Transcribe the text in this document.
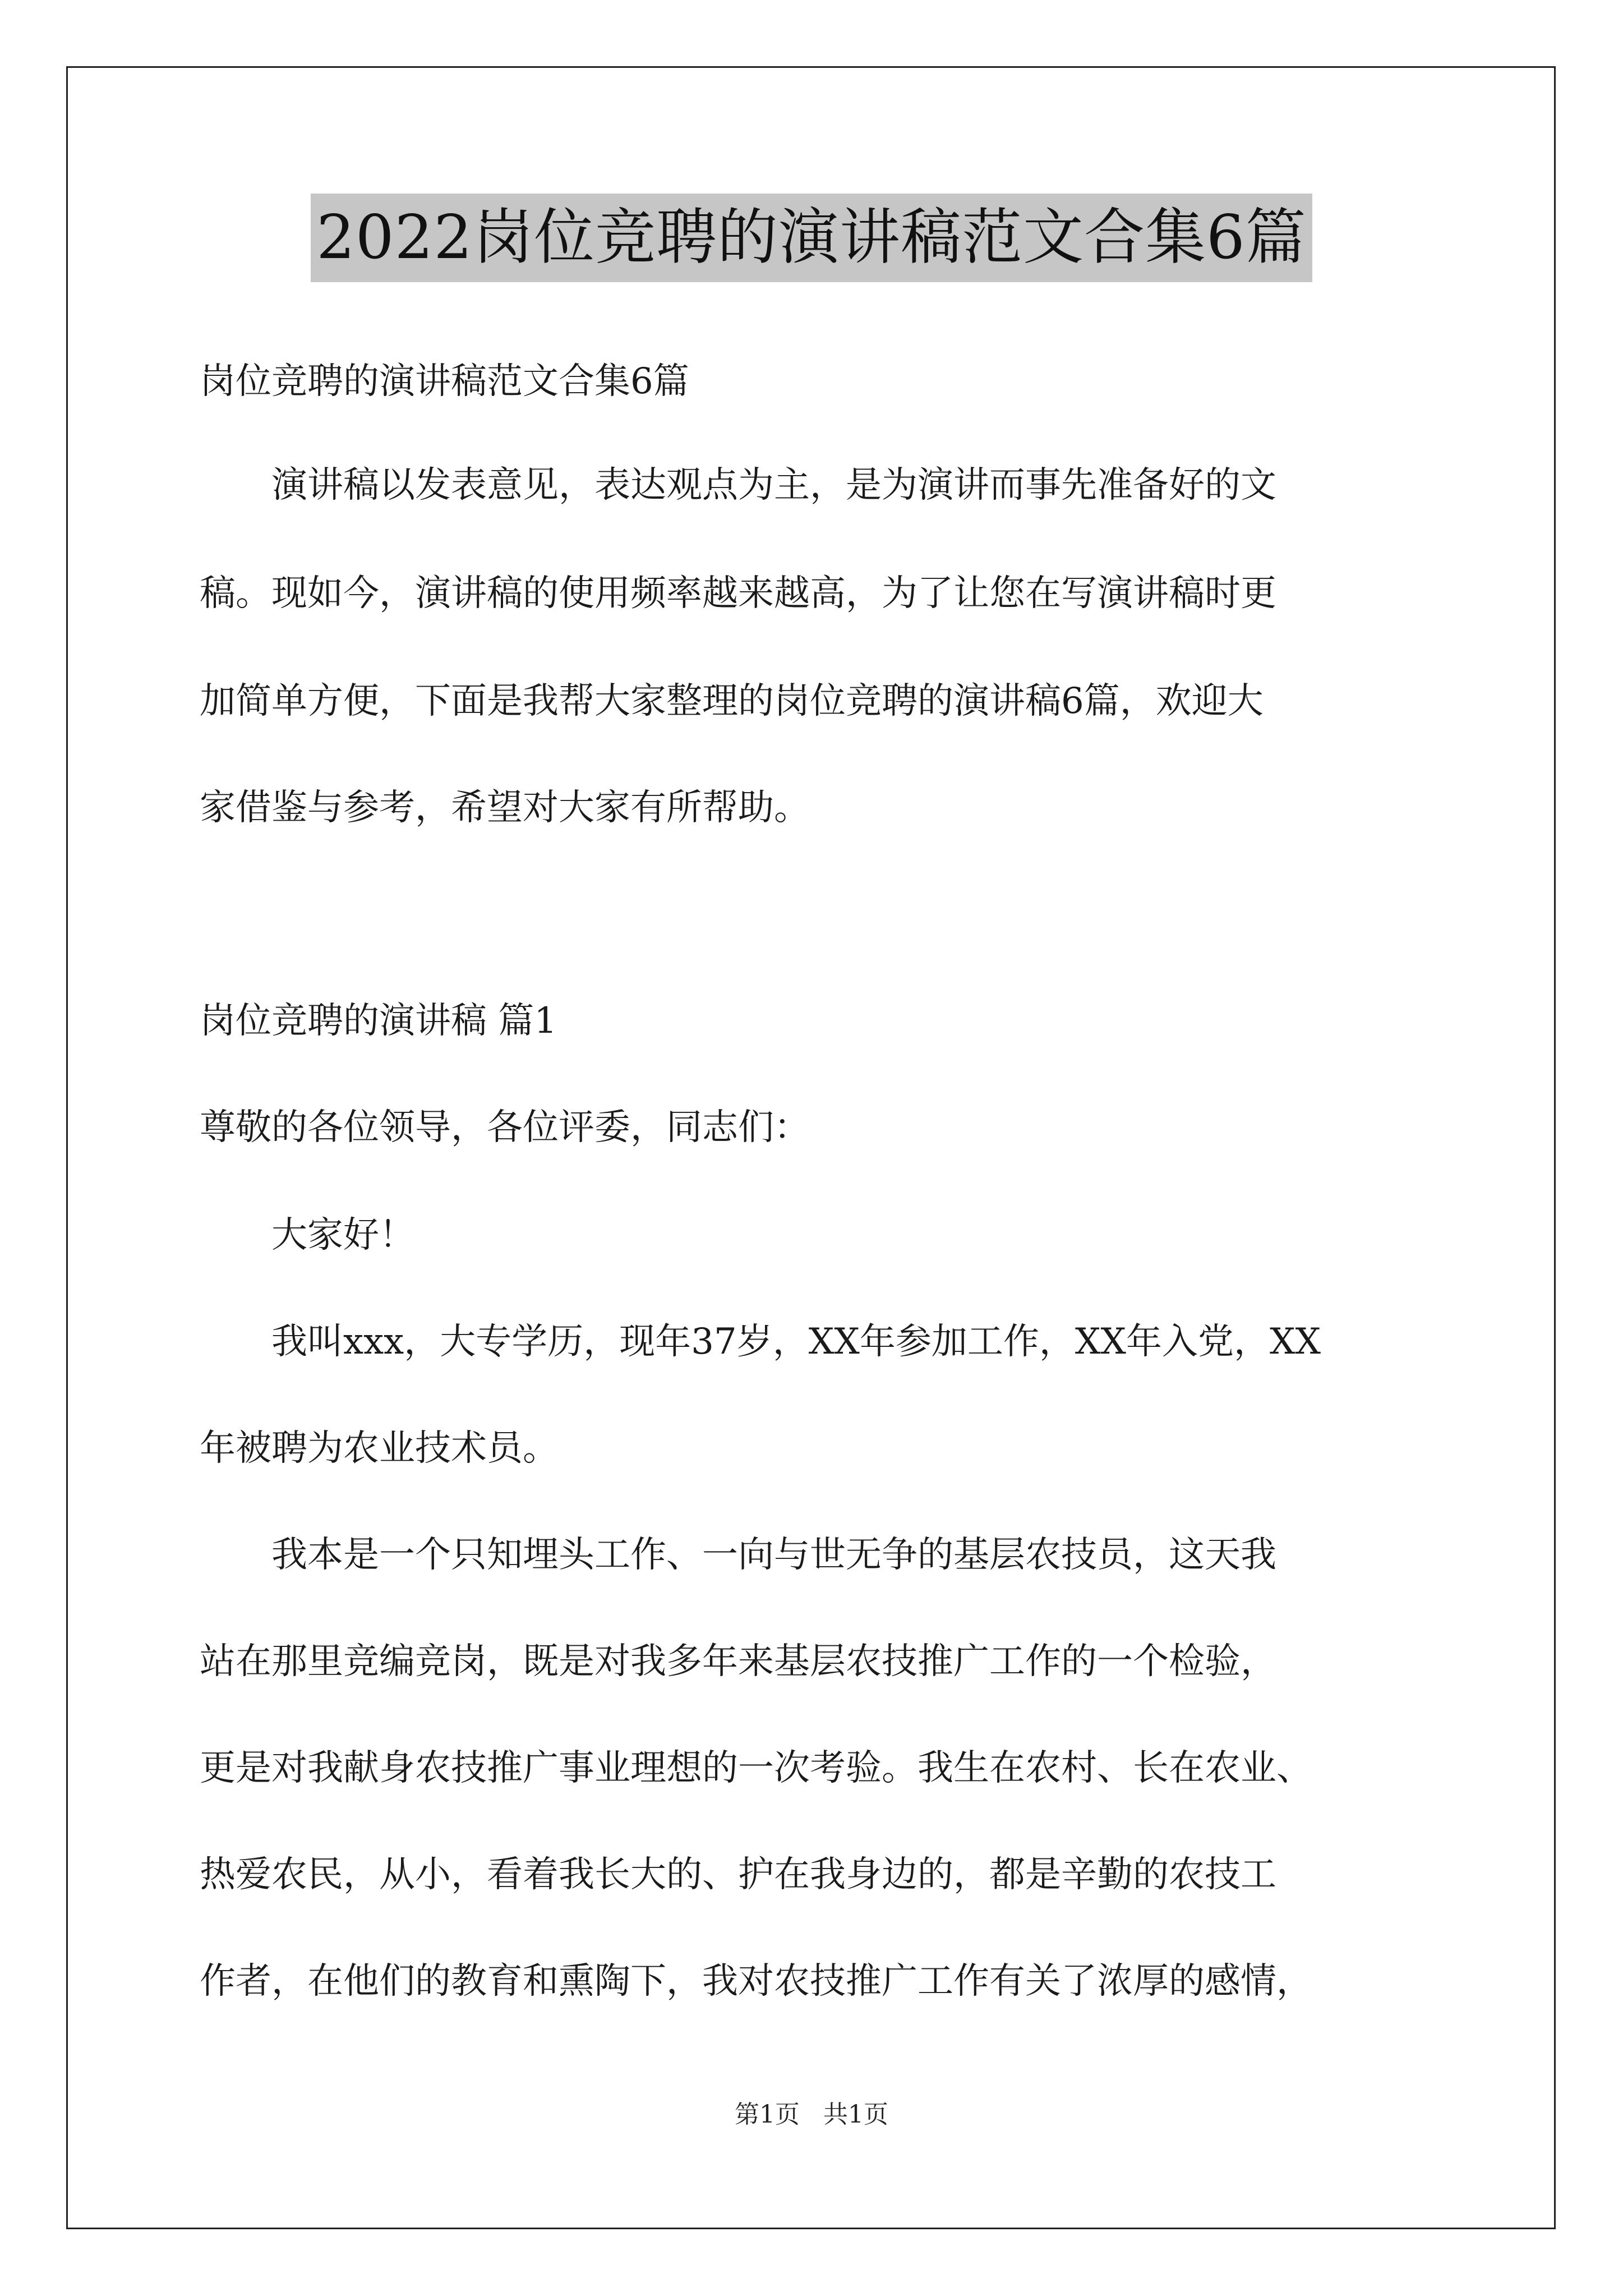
2022岗位竞聘的演讲稿范文合集6篇

岗位竞聘的演讲稿范文合集6篇

　　演讲稿以发表意见，表达观点为主，是为演讲而事先准备好的文

稿。现如今，演讲稿的使用频率越来越高，为了让您在写演讲稿时更

加简单方便，下面是我帮大家整理的岗位竞聘的演讲稿6篇，欢迎大

家借鉴与参考，希望对大家有所帮助。

岗位竞聘的演讲稿 篇1

尊敬的各位领导，各位评委，同志们：

　　大家好！

　　我叫xxx，大专学历，现年37岁，XX年参加工作，XX年入党，XX

年被聘为农业技术员。

　　我本是一个只知埋头工作、一向与世无争的基层农技员，这天我

站在那里竞编竞岗，既是对我多年来基层农技推广工作的一个检验，

更是对我献身农技推广事业理想的一次考验。我生在农村、长在农业、

热爱农民，从小，看着我长大的、护在我身边的，都是辛勤的农技工

作者，在他们的教育和熏陶下，我对农技推广工作有关了浓厚的感情，

第1页 共1页
